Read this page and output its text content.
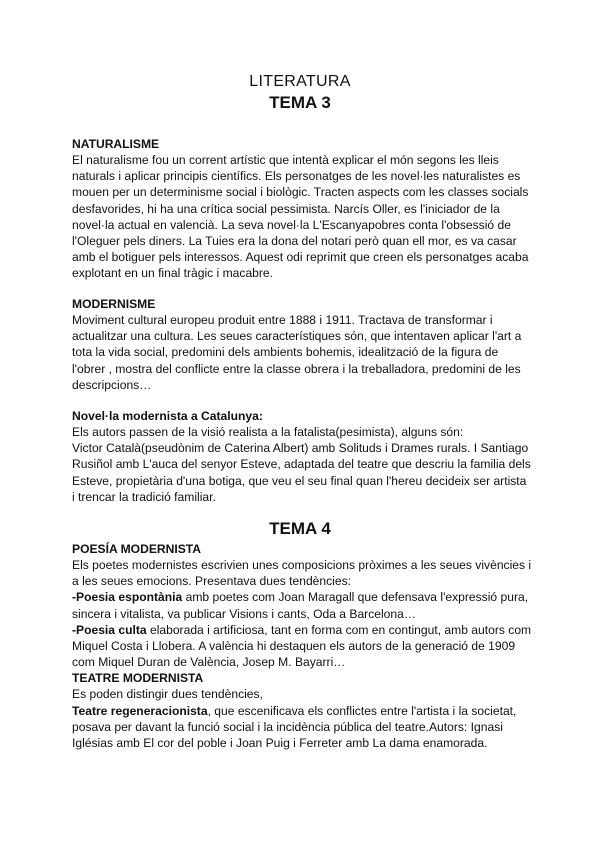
LITERATURA
TEMA 3

NATURALISME

El naturalisme fou un corrent artístic que intentà explicar el món segons les lleis naturals i aplicar principis científics. Els personatges de les novel·les naturalistes es mouen per un determinisme social i biològic. Tracten aspects com les classes socials desfavorides, hi ha una crítica social pessimista. Narcís Oller, es l'iniciador de la novel·la actual en valencià. La seva novel·la L'Escanyapobres conta l'obsessió de l'Oleguer pels diners. La Tuies era la dona del notari però quan ell mor, es va casar amb el botiguer pels interessos. Aquest odi reprimit que creen els personatges acaba explotant en un final tràgic i macabre.

MODERNISME

Moviment cultural europeu produit entre 1888 i 1911. Tractava de transformar i actualitzar una cultura. Les seues característiques són, que intentaven aplicar l'art a tota la vida social, predomini dels ambients bohemis, idealització de la figura de l'obrer , mostra del conflicte entre la classe obrera i la treballadora, predomini de les descripcions…

Novel·la modernista a Catalunya:

Els autors passen de la visió realista a la fatalista(pesimista), alguns són:

Victor Català(pseudònim de Caterina Albert) amb Solituds i Drames rurals. I Santiago Rusiñol amb L'auca del senyor Esteve, adaptada del teatre que descriu la familia dels Esteve, propietària d'una botiga, que veu el seu final quan l'hereu decideix ser artista i trencar la tradició familiar.

TEMA 4

POESÍA MODERNISTA

Els poetes modernistes escrivien unes composicions pròximes a les seues vivències i a les seues emocions. Presentava dues tendències:

-Poesia espontània amb poetes com Joan Maragall que defensava l'expressió pura, sincera i vitalista, va publicar Visions i cants, Oda a Barcelona…

-Poesia culta elaborada i artificiosa, tant en forma com en contingut, amb autors com Miquel Costa i Llobera. A valència hi destaquen els autors de la generació de 1909 com Miquel Duran de València, Josep M. Bayarri…

TEATRE MODERNISTA

Es poden distingir dues tendències,

Teatre regeneracionista, que escenificava els conflictes entre l'artista i la societat, posava per davant la funció social i la incidència pública del teatre.Autors: Ignasi Iglésias amb El cor del poble i Joan Puig i Ferreter amb La dama enamorada.
